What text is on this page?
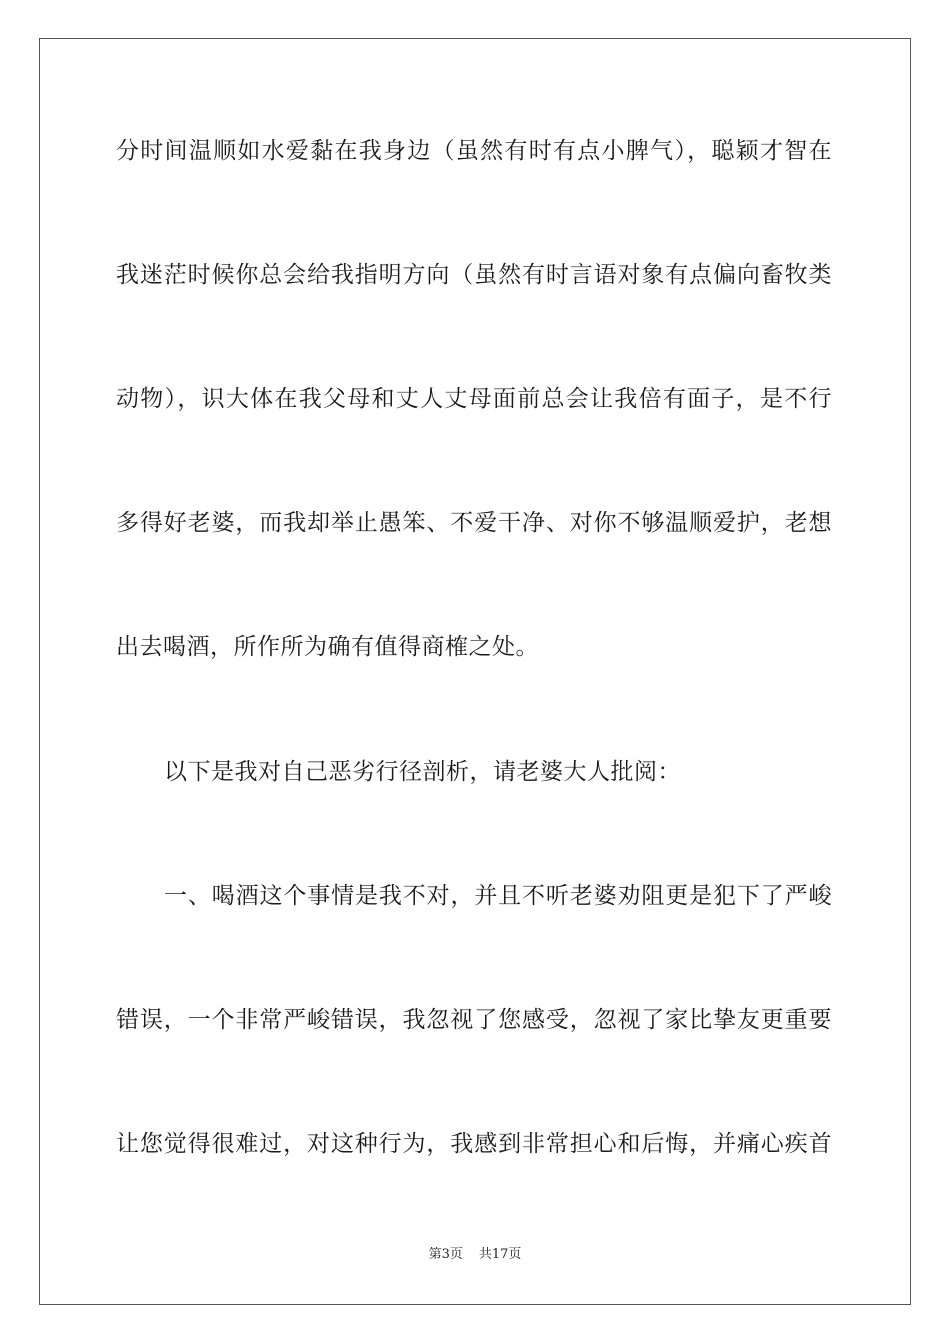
分时间温顺如水爱黏在我身边（虽然有时有点小脾气），聪颖才智在
我迷茫时候你总会给我指明方向（虽然有时言语对象有点偏向畜牧类
动物），识大体在我父母和丈人丈母面前总会让我倍有面子，是不行
多得好老婆，而我却举止愚笨、不爱干净、对你不够温顺爱护，老想
出去喝酒，所作所为确有值得商榷之处。
以下是我对自己恶劣行径剖析，请老婆大人批阅：
一、喝酒这个事情是我不对，并且不听老婆劝阻更是犯下了严峻
错误，一个非常严峻错误，我忽视了您感受，忽视了家比挚友更重要
让您觉得很难过，对这种行为，我感到非常担心和后悔，并痛心疾首
第3页 共17页
